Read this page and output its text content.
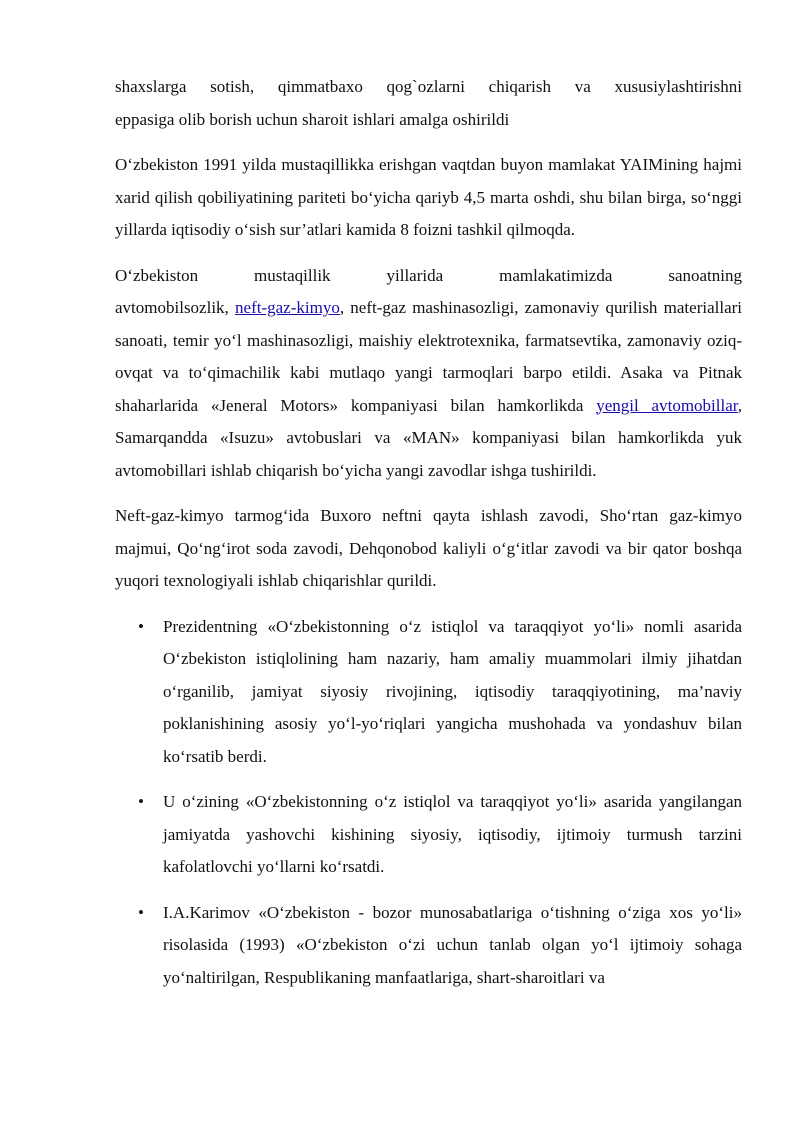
shaxslarga sotish, qimmatbaxo qog`ozlarni chiqarish va xususiylashtirishni
eppasiga olib borish uchun sharoit ishlari amalga oshirildi

O‘zbekiston 1991 yilda mustaqillikka erishgan vaqtdan buyon mamlakat YAIMining hajmi xarid qilish qobiliyatining pariteti bo‘yicha qariyb 4,5 marta oshdi, shu bilan birga, so‘nggi yillarda iqtisodiy o‘sish sur’atlari kamida 8 foizni tashkil qilmoqda.

O‘zbekiston mustaqillik yillarida mamlakatimizda sanoatning
avtomobilsozlik, neft-gaz-kimyo, neft-gaz mashinasozligi, zamonaviy qurilish materiallari sanoati, temir yo‘l mashinasozligi, maishiy elektrotexnika, farmatsevtika, zamonaviy oziq-ovqat va to‘qimachilik kabi mutlaqo yangi tarmoqlari barpo etildi. Asaka va Pitnak shaharlarida «Jeneral Motors» kompaniyasi bilan hamkorlikda yengil avtomobillar, Samarqandda «Isuzu» avtobuslari va «MAN» kompaniyasi bilan hamkorlikda yuk avtomobillari ishlab chiqarish bo‘yicha yangi zavodlar ishga tushirildi.

Neft-gaz-kimyo tarmog‘ida Buxoro neftni qayta ishlash zavodi, Sho‘rtan gaz-kimyo majmui, Qo‘ng‘irot soda zavodi, Dehqonobod kaliyli o‘g‘itlar zavodi va bir qator boshqa yuqori texnologiyali ishlab chiqarishlar qurildi.

• Prezidentning «O‘zbekistonning o‘z istiqlol va taraqqiyot yo‘li» nomli asarida O‘zbekiston istiqlolining ham nazariy, ham amaliy muammolari ilmiy jihatdan o‘rganilib, jamiyat siyosiy rivojining, iqtisodiy taraqqiyotining, ma’naviy poklanishining asosiy yo‘l-yo‘riqlari yangicha mushohada va yondashuv bilan ko‘rsatib berdi.
• U o‘zining «O‘zbekistonning o‘z istiqlol va taraqqiyot yo‘li» asarida yangilangan jamiyatda yashovchi kishining siyosiy, iqtisodiy, ijtimoiy turmush tarzini kafolatlovchi yo‘llarni ko‘rsatdi.
• I.A.Karimov «O‘zbekiston - bozor munosabatlariga o‘tishning o‘ziga xos yo‘li» risolasida (1993) «O‘zbekiston o‘zi uchun tanlab olgan yo‘l ijtimoiy sohaga yo‘naltirilgan, Respublikaning manfaatlariga, shart-sharoitlari va
